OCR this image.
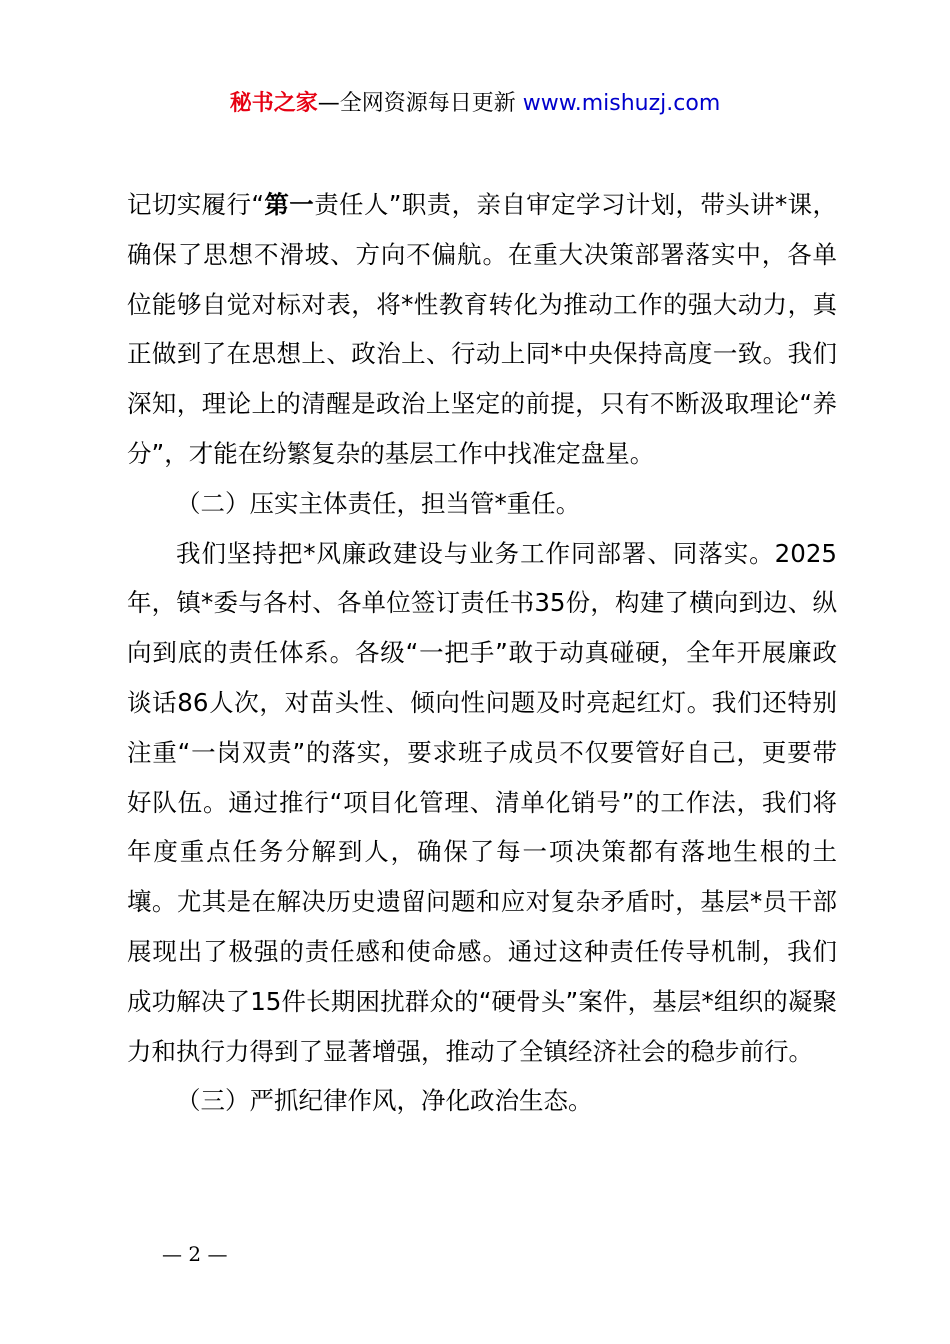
秘书之家—全网资源每日更新 www.mishuzj.com

记切实履行“第一责任人”职责，亲自审定学习计划，带头讲*课，确保了思想不滑坡、方向不偏航。在重大决策部署落实中，各单位能够自觉对标对表，将*性教育转化为推动工作的强大动力，真正做到了在思想上、政治上、行动上同*中央保持高度一致。我们深知，理论上的清醒是政治上坚定的前提，只有不断汲取理论“养分”，才能在纷繁复杂的基层工作中找准定盘星。

（二）压实主体责任，担当管*重任。

我们坚持把*风廉政建设与业务工作同部署、同落实。2025年，镇*委与各村、各单位签订责任书35份，构建了横向到边、纵向到底的责任体系。各级“一把手”敢于动真碰硬，全年开展廉政谈话86人次，对苗头性、倾向性问题及时亮起红灯。我们还特别注重“一岗双责”的落实，要求班子成员不仅要管好自己，更要带好队伍。通过推行“项目化管理、清单化销号”的工作法，我们将年度重点任务分解到人，确保了每一项决策都有落地生根的土壤。尤其是在解决历史遗留问题和应对复杂矛盾时，基层*员干部展现出了极强的责任感和使命感。通过这种责任传导机制，我们成功解决了15件长期困扰群众的“硬骨头”案件，基层*组织的凝聚力和执行力得到了显著增强，推动了全镇经济社会的稳步前行。

（三）严抓纪律作风，净化政治生态。

— 2 —
